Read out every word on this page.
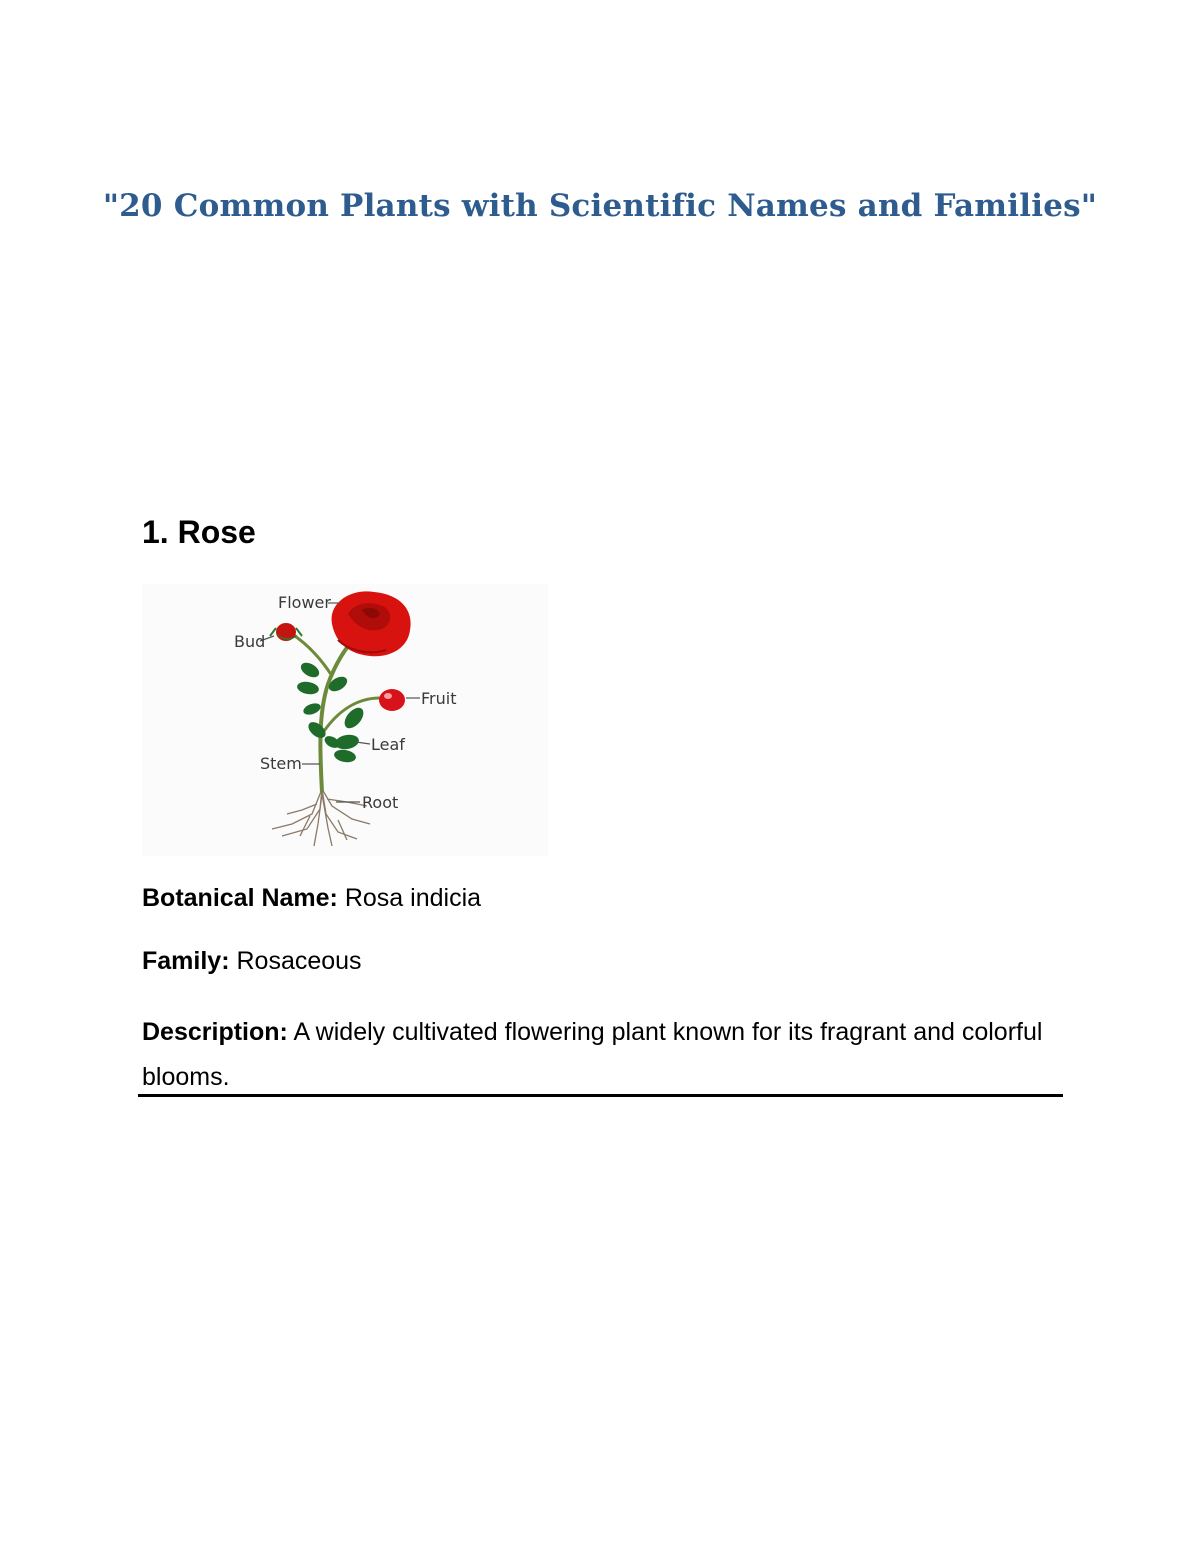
"20 Common Plants with Scientific Names and Families"
1. Rose
Flower
Bud
Fruit
Leaf
Stem
Root

Botanical Name: Rosa indicia

Family: Rosaceous

Description: A widely cultivated flowering plant known for its fragrant and colorful blooms.
